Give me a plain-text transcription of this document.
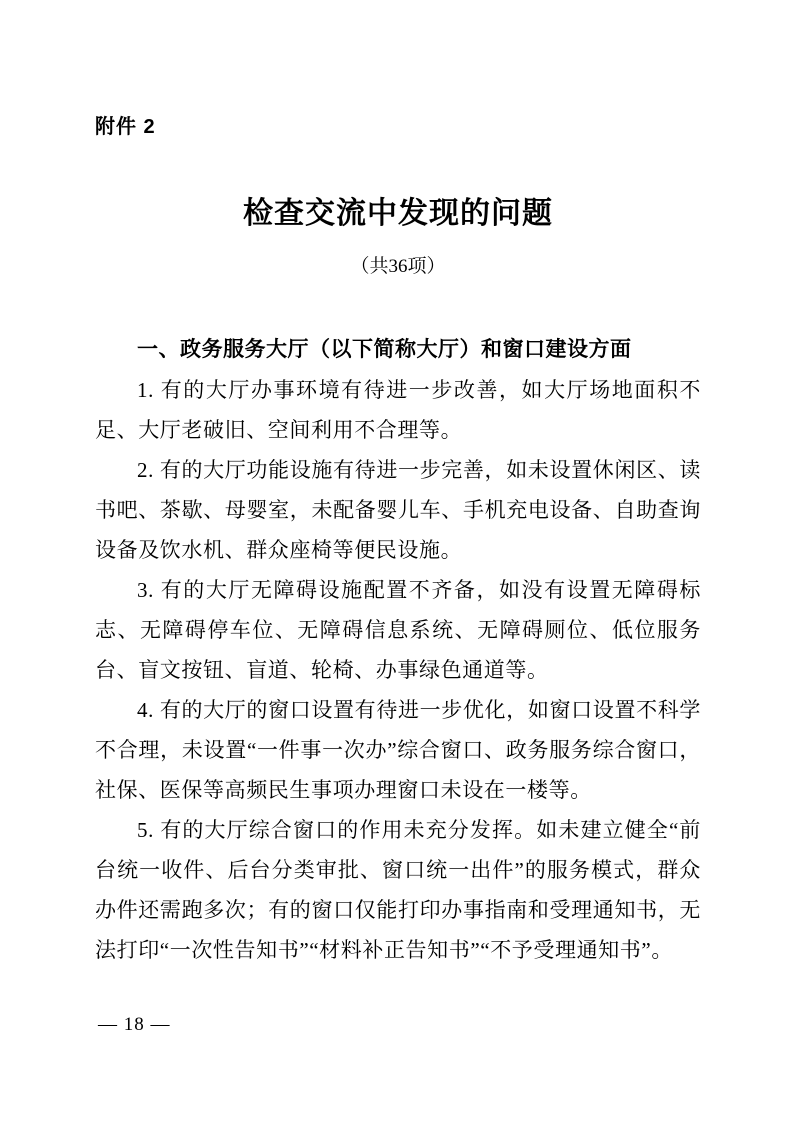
附件 2
检查交流中发现的问题
（共36项）
一、政务服务大厅（以下简称大厅）和窗口建设方面

1. 有的大厅办事环境有待进一步改善，如大厅场地面积不足、大厅老破旧、空间利用不合理等。

2. 有的大厅功能设施有待进一步完善，如未设置休闲区、读书吧、茶歇、母婴室，未配备婴儿车、手机充电设备、自助查询设备及饮水机、群众座椅等便民设施。

3. 有的大厅无障碍设施配置不齐备，如没有设置无障碍标志、无障碍停车位、无障碍信息系统、无障碍厕位、低位服务台、盲文按钮、盲道、轮椅、办事绿色通道等。

4. 有的大厅的窗口设置有待进一步优化，如窗口设置不科学不合理，未设置“一件事一次办”综合窗口、政务服务综合窗口，社保、医保等高频民生事项办理窗口未设在一楼等。

5. 有的大厅综合窗口的作用未充分发挥。如未建立健全“前台统一收件、后台分类审批、窗口统一出件”的服务模式，群众办件还需跑多次；有的窗口仅能打印办事指南和受理通知书，无法打印“一次性告知书”“材料补正告知书”“不予受理通知书”。

— 18 —
